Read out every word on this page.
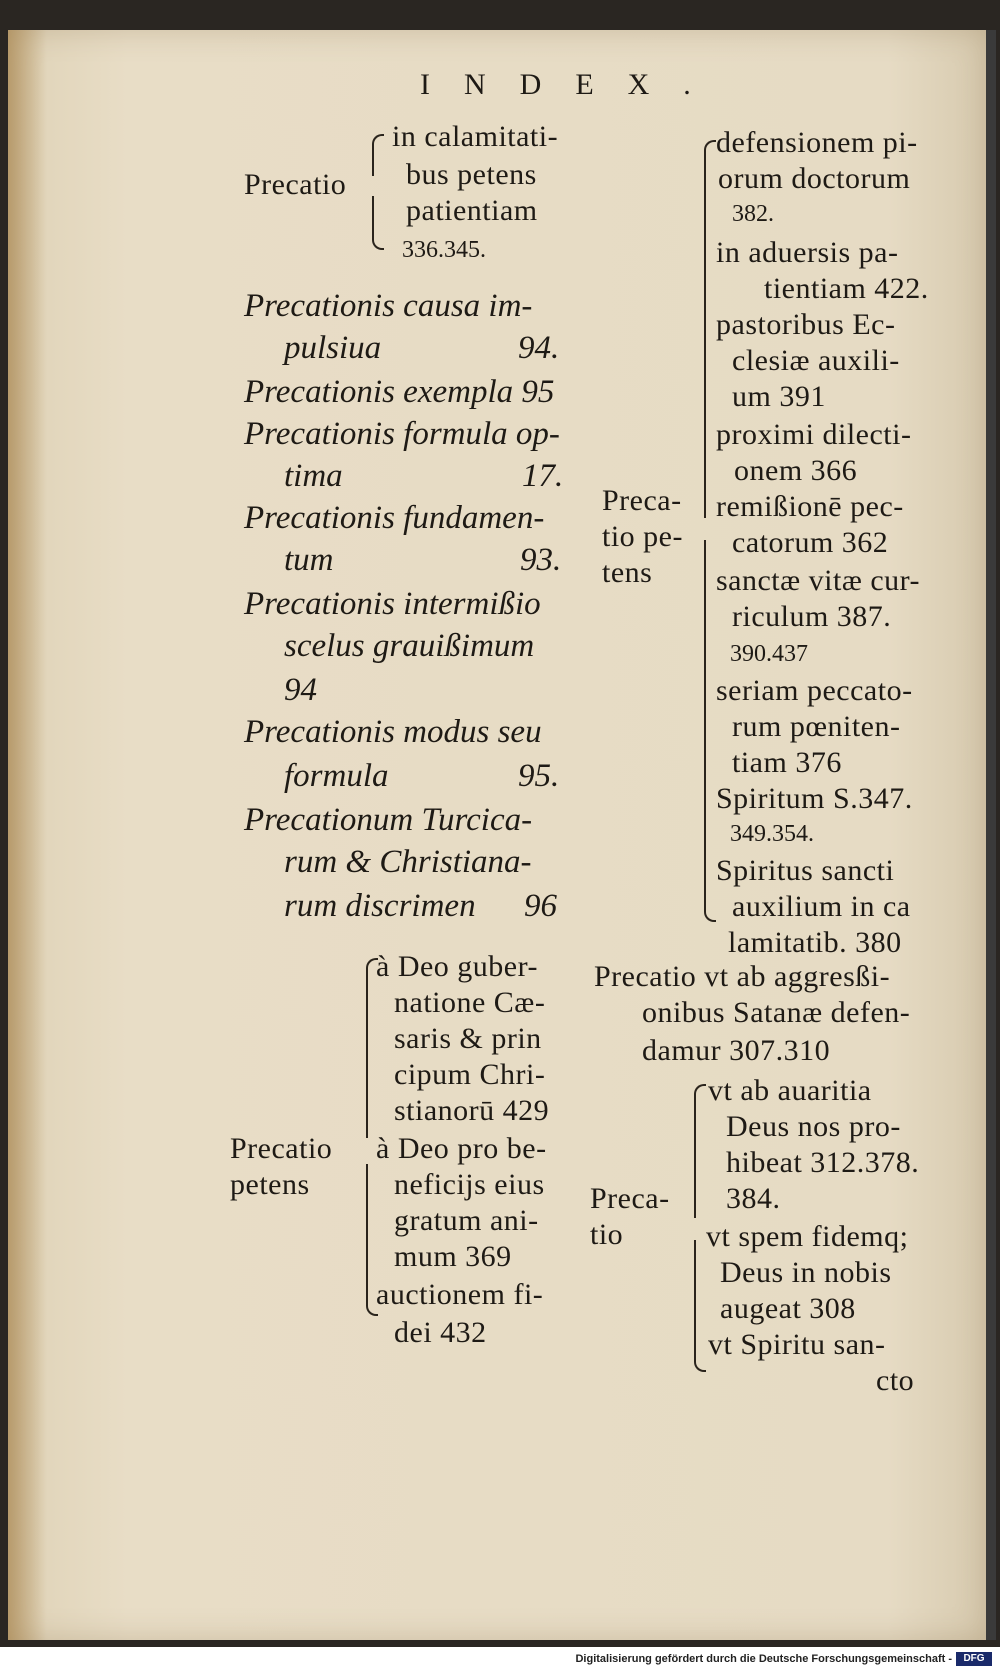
INDEX.
Precatio
in calamitati-
bus petens
patientiam
336.345.
Precationis causa im-
pulsiua	94.
Precationis exempla 95
Precationis formula op-
tima	17.
Precationis fundamen-
tum	93.
Precationis intermißio
scelus grauißimum
94
Precationis modus seu
formula	95.
Precationum Turcica-
rum & Christiana-
rum discrimen 96
Precatio
petens
à Deo guber-
natione Cæ-
saris & prin
cipum Chri-
stianorū 429
à Deo pro be-
neficijs eius
gratum ani-
mum 369
auctionem fi-
dei 432
Preca-
tio pe-
tens
defensionem pi-
orum doctorum
382.
in aduersis pa-
tientiam 422.
pastoribus Ec-
clesiæ auxili-
um 391
proximi dilecti-
onem 366
remißionē pec-
catorum 362
sanctæ vitæ cur-
riculum 387.
390.437
seriam peccato-
rum pœniten-
tiam 376
Spiritum S.347.
349.354.
Spiritus sancti
auxilium in ca
lamitatib. 380
Precatio vt ab aggresßi-
onibus Satanæ defen-
damur 307.310
Preca-
tio
vt ab auaritia
Deus nos pro-
hibeat 312.378.
384.
vt spem fidemq;
Deus in nobis
augeat 308
vt Spiritu san-
cto
Digitalisierung gefördert durch die Deutsche Forschungsgemeinschaft -	DFG
